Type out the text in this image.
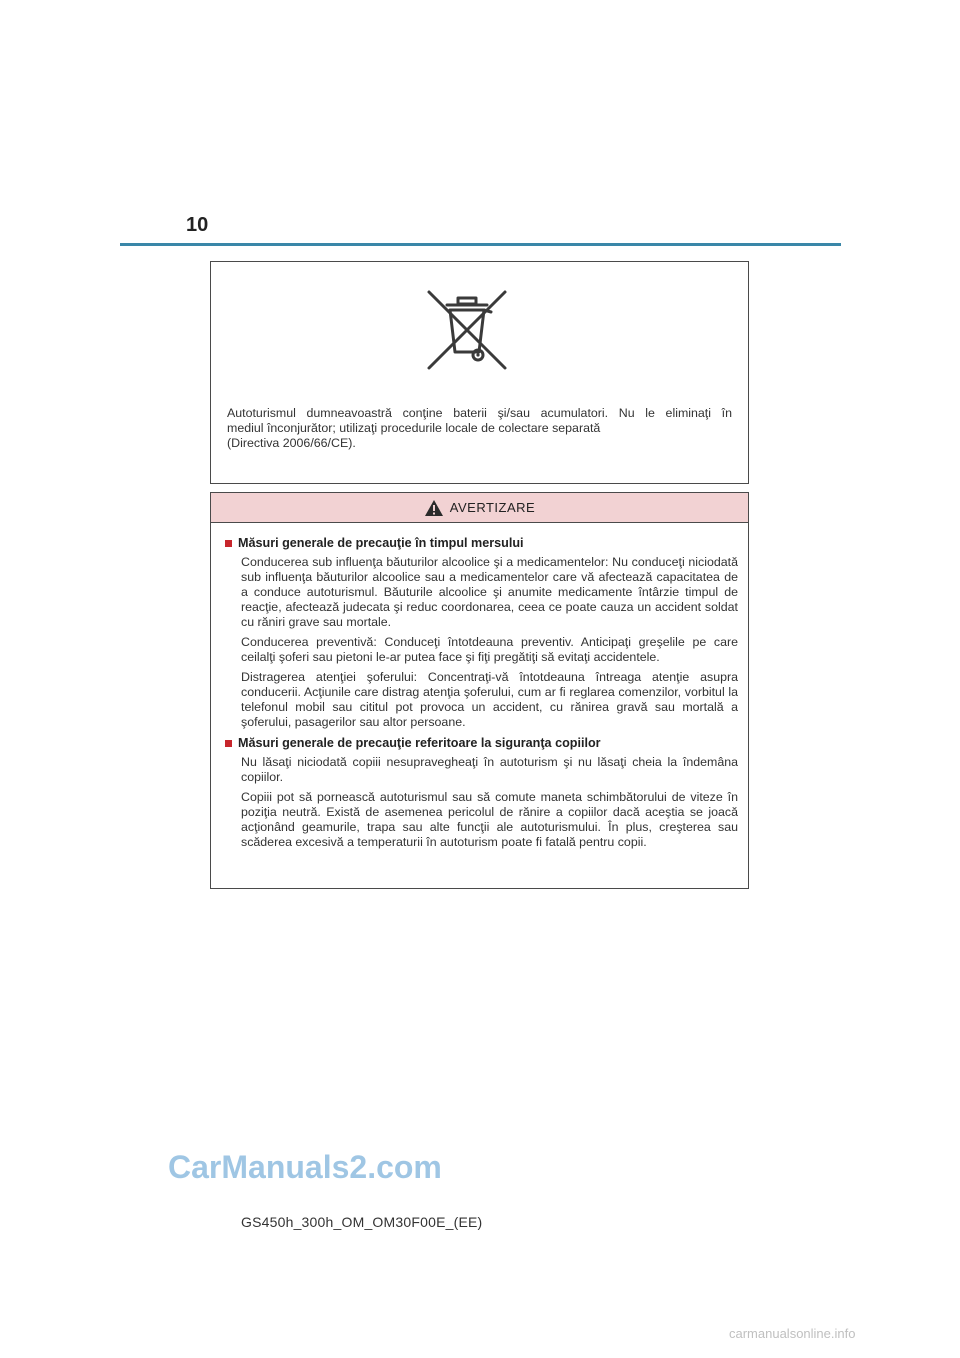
10
Autoturismul dumneavoastră conţine baterii şi/sau acumulatori. Nu le eliminaţi în
mediul înconjurător; utilizaţi procedurile locale de colectare separată
(Directiva 2006/66/CE).
AVERTIZARE
Măsuri generale de precauţie în timpul mersului

Conducerea sub influenţa băuturilor alcoolice şi a medicamentelor: Nu conduceţi niciodată sub influenţa băuturilor alcoolice sau a medicamentelor care vă afectează capacitatea de a conduce autoturismul. Băuturile alcoolice şi anumite medicamente întârzie timpul de reacţie, afectează judecata şi reduc coordonarea, ceea ce poate cauza un accident soldat cu răniri grave sau mortale.

Conducerea preventivă: Conduceţi întotdeauna preventiv. Anticipaţi greşelile pe care ceilalţi şoferi sau pietoni le-ar putea face şi fiţi pregătiţi să evitaţi accidentele.

Distragerea atenţiei şoferului: Concentraţi-vă întotdeauna întreaga atenţie asupra conducerii. Acţiunile care distrag atenţia şoferului, cum ar fi reglarea comenzilor, vorbitul la telefonul mobil sau cititul pot provoca un accident, cu rănirea gravă sau mortală a şoferului, pasagerilor sau altor persoane.

Măsuri generale de precauţie referitoare la siguranţa copiilor

Nu lăsaţi niciodată copiii nesupravegheaţi în autoturism şi nu lăsaţi cheia la îndemâna copiilor.

Copiii pot să pornească autoturismul sau să comute maneta schimbătorului de viteze în poziţia neutră. Există de asemenea pericolul de rănire a copiilor dacă aceştia se joacă acţionând geamurile, trapa sau alte funcţii ale autoturismului. În plus, creşterea sau scăderea excesivă a temperaturii în autoturism poate fi fatală pentru copii.

CarManuals2.com
GS450h_300h_OM_OM30F00E_(EE)
carmanualsonline.info
